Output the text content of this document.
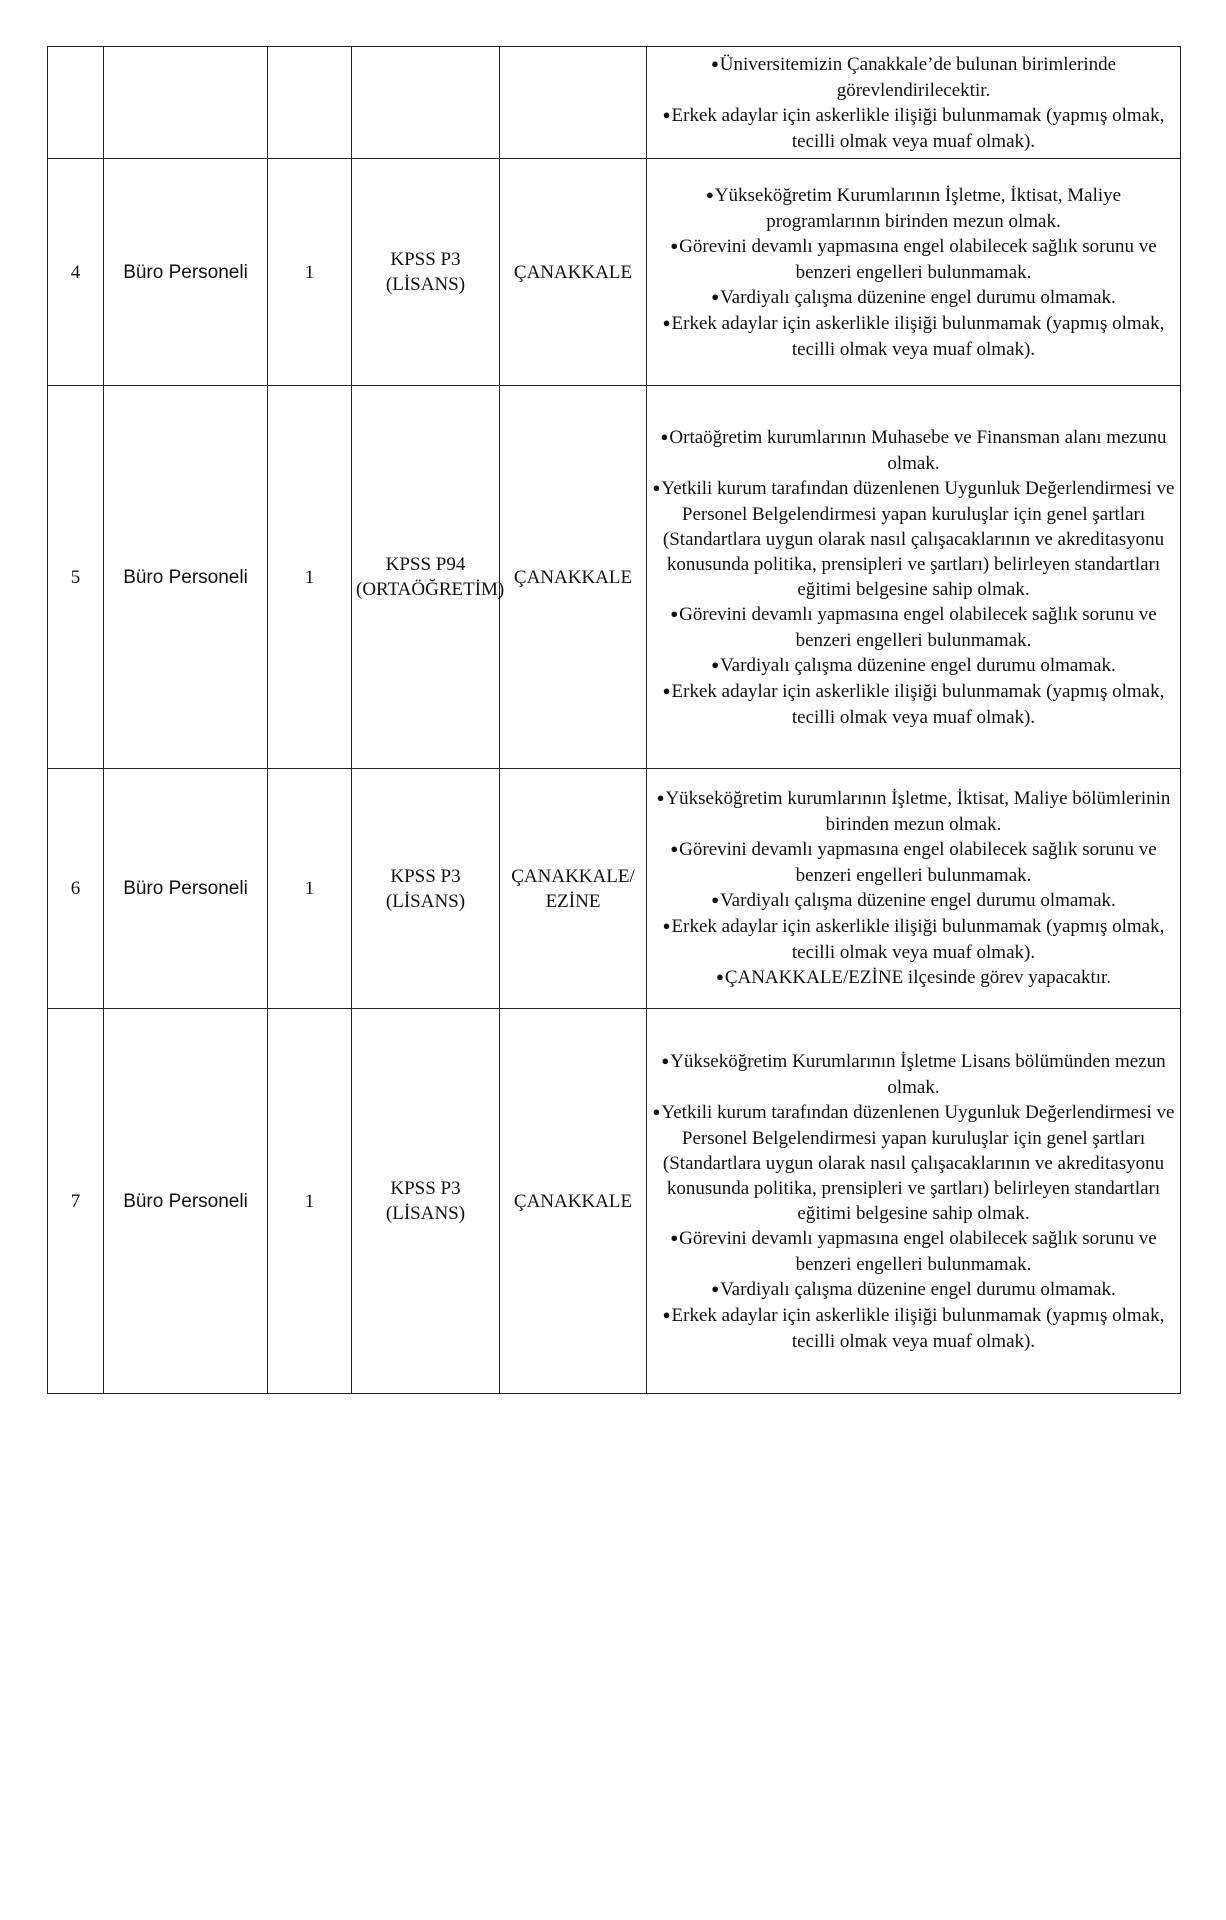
					● Üniversitemizin Çanakkale’de bulunan birimlerinde görevlendirilecektir.
● Erkek adaylar için askerlikle ilişiği bulunmamak (yapmış olmak, tecilli olmak veya muaf olmak).

4	Büro Personeli	1	KPSS P3 (LİSANS)	ÇANAKKALE	● Yükseköğretim Kurumlarının İşletme, İktisat, Maliye programlarının birinden mezun olmak.
● Görevini devamlı yapmasına engel olabilecek sağlık sorunu ve benzeri engelleri bulunmamak.
● Vardiyalı çalışma düzenine engel durumu olmamak.
● Erkek adaylar için askerlikle ilişiği bulunmamak (yapmış olmak, tecilli olmak veya muaf olmak).

5	Büro Personeli	1	KPSS P94
(ORTAÖĞRETİM)	ÇANAKKALE	● Ortaöğretim kurumlarının Muhasebe ve Finansman alanı mezunu olmak.
● Yetkili kurum tarafından düzenlenen Uygunluk Değerlendirmesi ve Personel Belgelendirmesi yapan kuruluşlar için genel şartları (Standartlara uygun olarak nasıl çalışacaklarının ve akreditasyonu konusunda politika, prensipleri ve şartları) belirleyen standartları eğitimi belgesine sahip olmak.
● Görevini devamlı yapmasına engel olabilecek sağlık sorunu ve benzeri engelleri bulunmamak.
● Vardiyalı çalışma düzenine engel durumu olmamak.
● Erkek adaylar için askerlikle ilişiği bulunmamak (yapmış olmak, tecilli olmak veya muaf olmak).

6	Büro Personeli	1	KPSS P3 (LİSANS)	ÇANAKKALE/
EZİNE	● Yükseköğretim kurumlarının İşletme, İktisat, Maliye bölümlerinin birinden mezun olmak.
● Görevini devamlı yapmasına engel olabilecek sağlık sorunu ve benzeri engelleri bulunmamak.
● Vardiyalı çalışma düzenine engel durumu olmamak.
● Erkek adaylar için askerlikle ilişiği bulunmamak (yapmış olmak, tecilli olmak veya muaf olmak).
● ÇANAKKALE/EZİNE ilçesinde görev yapacaktır.

7	Büro Personeli	1	KPSS P3 (LİSANS)	ÇANAKKALE	● Yükseköğretim Kurumlarının İşletme Lisans bölümünden mezun olmak.
● Yetkili kurum tarafından düzenlenen Uygunluk Değerlendirmesi ve Personel Belgelendirmesi yapan kuruluşlar için genel şartları (Standartlara uygun olarak nasıl çalışacaklarının ve akreditasyonu konusunda politika, prensipleri ve şartları) belirleyen standartları eğitimi belgesine sahip olmak.
● Görevini devamlı yapmasına engel olabilecek sağlık sorunu ve benzeri engelleri bulunmamak.
● Vardiyalı çalışma düzenine engel durumu olmamak.
● Erkek adaylar için askerlikle ilişiği bulunmamak (yapmış olmak, tecilli olmak veya muaf olmak).
